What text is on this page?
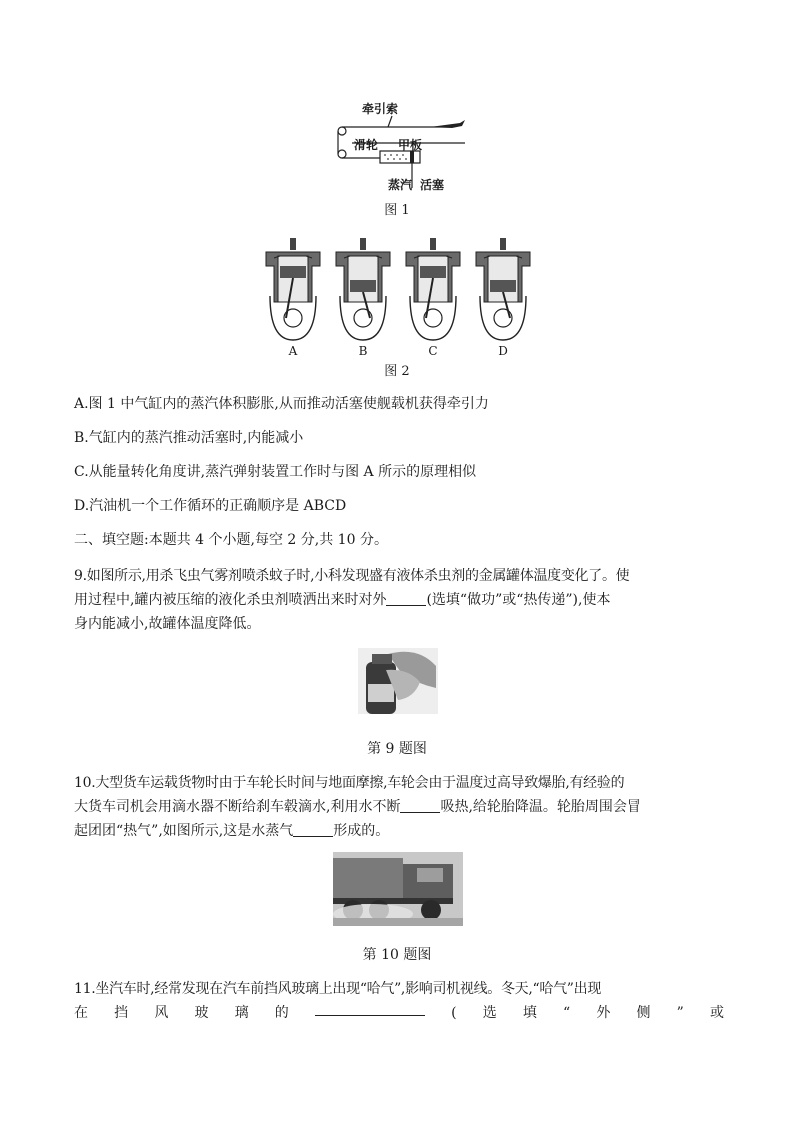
牵引索
滑轮 甲板
蒸汽 活塞
图 1
A	B	C	D
图 2
A.图 1 中气缸内的蒸汽体积膨胀,从而推动活塞使舰载机获得牵引力
B.气缸内的蒸汽推动活塞时,内能减小
C.从能量转化角度讲,蒸汽弹射装置工作时与图 A 所示的原理相似
D.汽油机一个工作循环的正确顺序是 ABCD
二、填空题:本题共 4 个小题,每空 2 分,共 10 分。
9.如图所示,用杀飞虫气雾剂喷杀蚊子时,小科发现盛有液体杀虫剂的金属罐体温度变化了。使
用过程中,罐内被压缩的液化杀虫剂喷洒出来时对外	(选填“做功”或“热传递”),使本
身内能减小,故罐体温度降低。
第 9 题图
10.大型货车运载货物时由于车轮长时间与地面摩擦,车轮会由于温度过高导致爆胎,有经验的
大货车司机会用滴水器不断给刹车毂滴水,利用水不断	吸热,给轮胎降温。轮胎周围会冒
起团团“热气”,如图所示,这是水蒸气	形成的。
第 10 题图
11.坐汽车时,经常发现在汽车前挡风玻璃上出现“哈气”,影响司机视线。冬天,“哈气”出现
在 挡 风 玻 璃 的	( 选 填 “ 外 侧 ” 或
